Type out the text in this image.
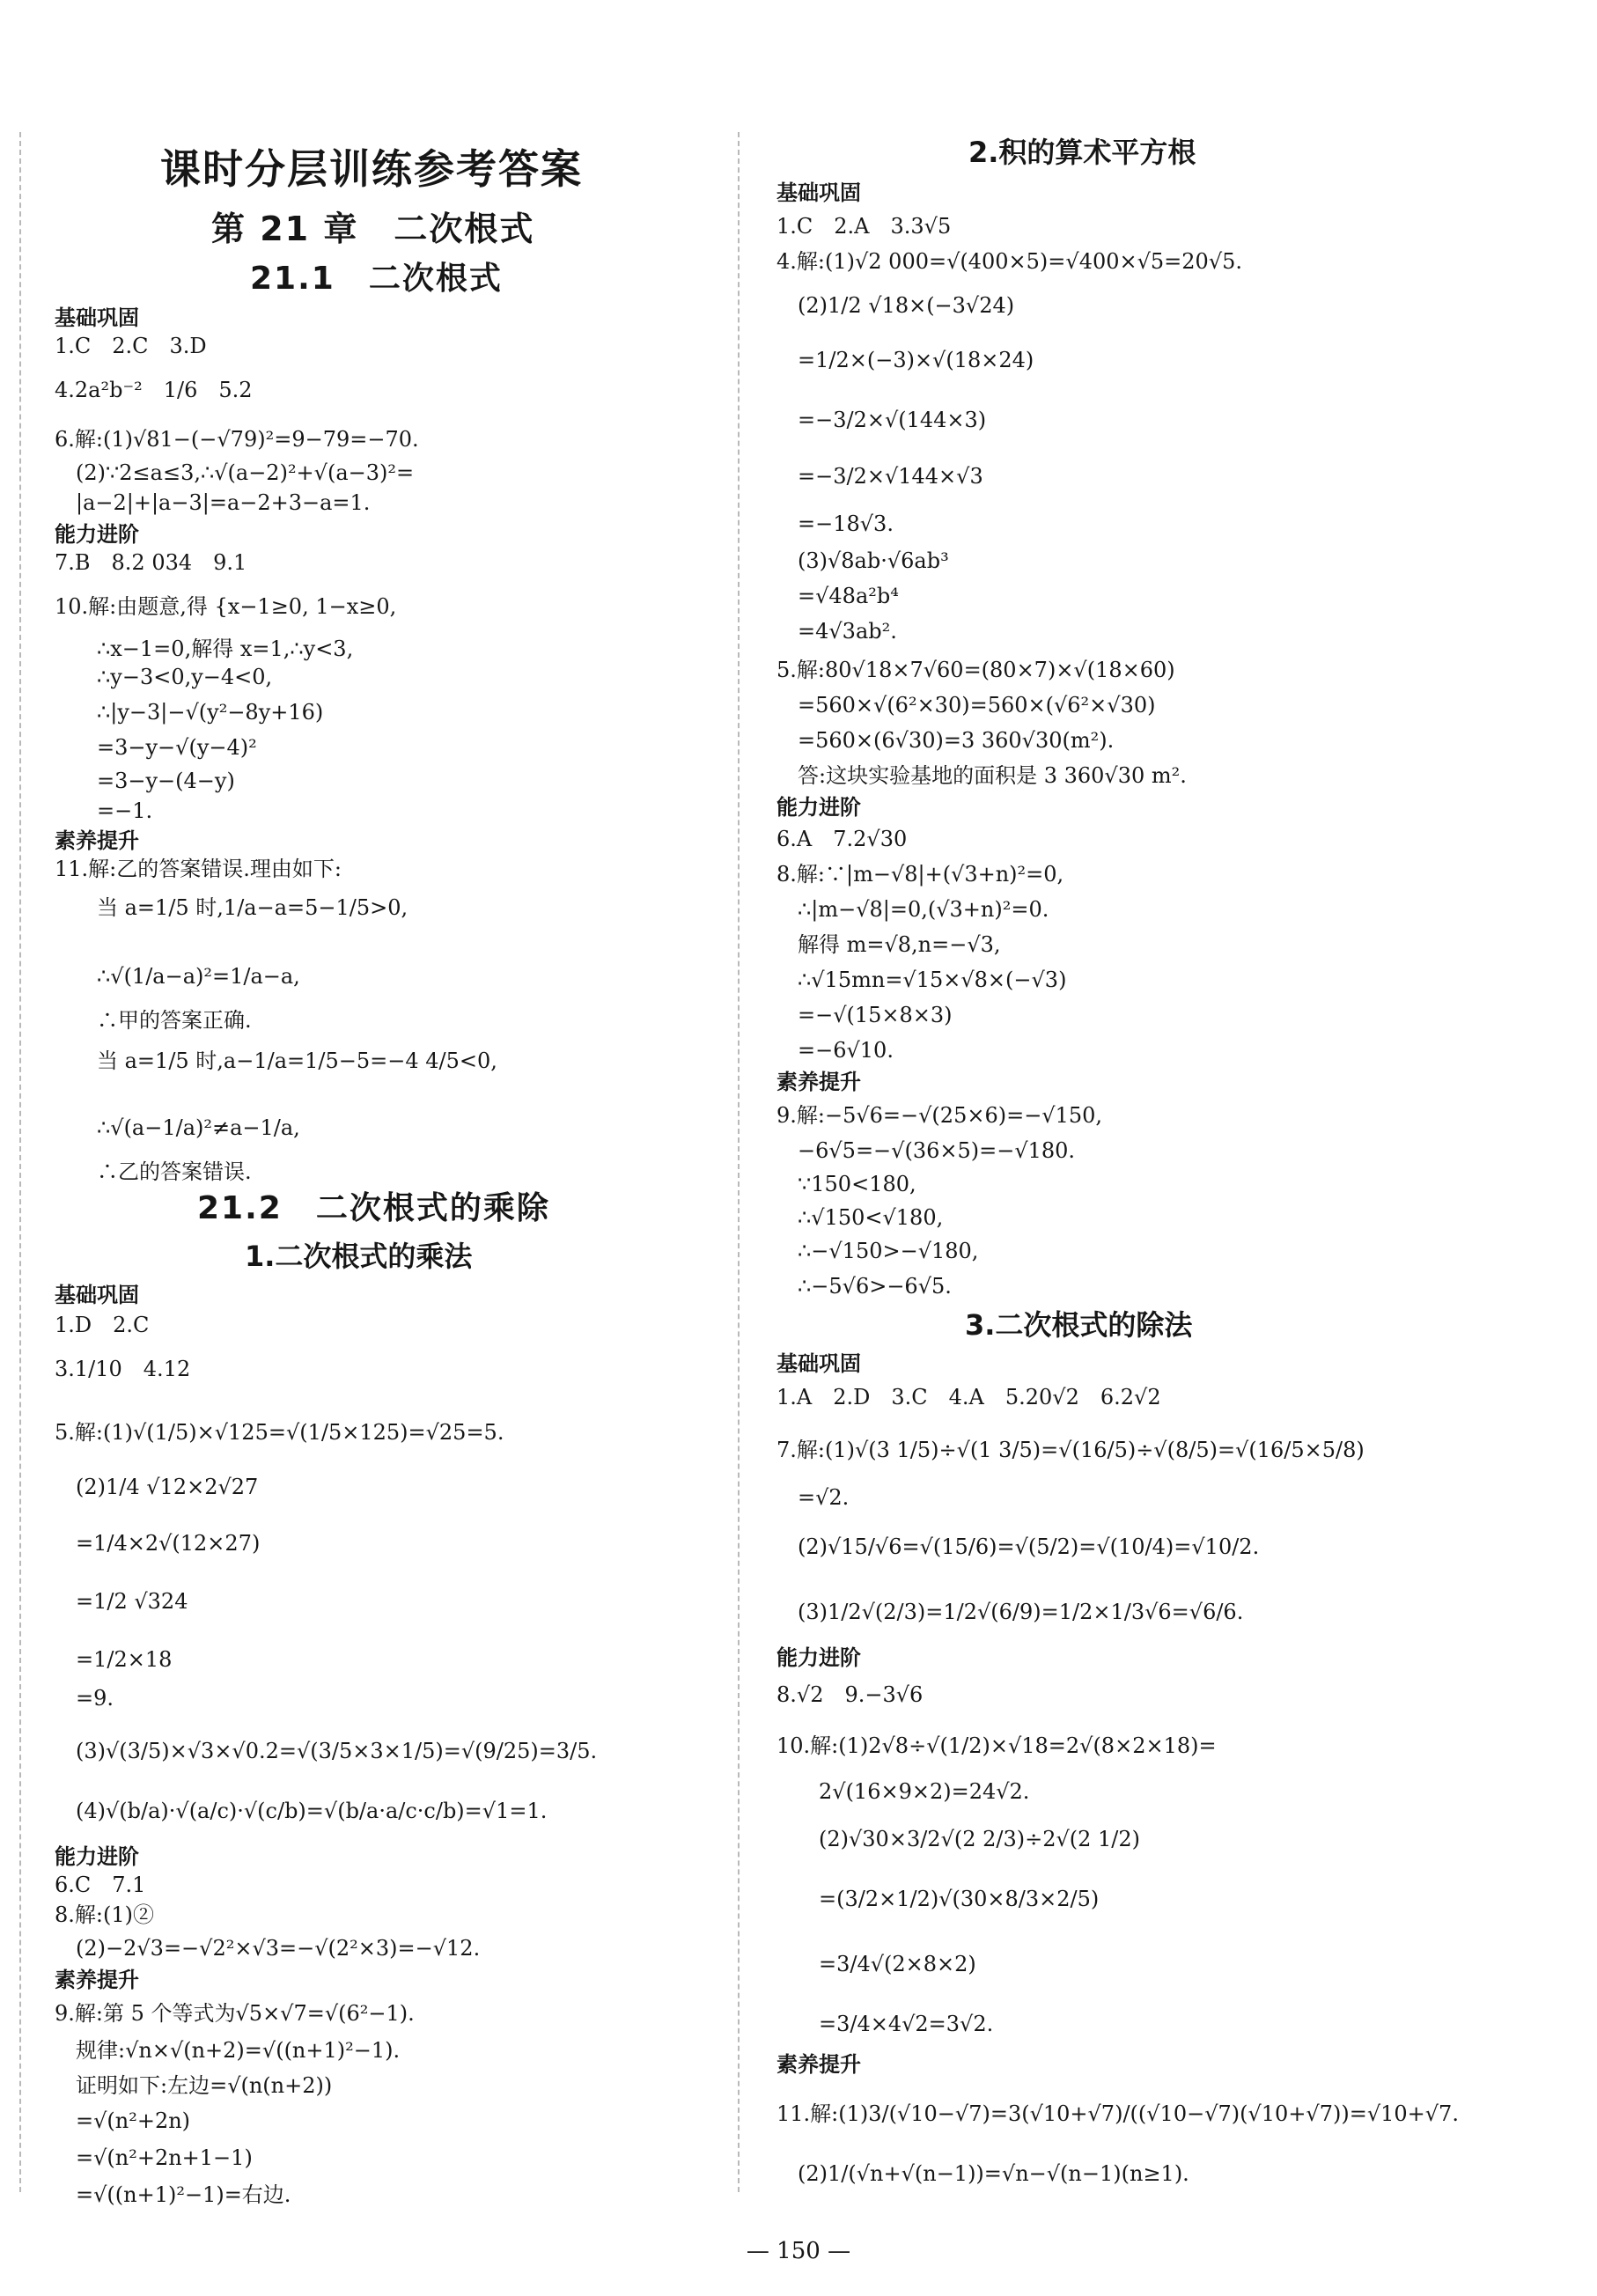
课时分层训练参考答案
第 21 章　二次根式
21.1　二次根式
基础巩固
1.C　2.C　3.D
4.2a²b⁻²　1/6　5.2
6.解:(1)√81−(−√79)²=9−79=−70.
(2)∵2≤a≤3,∴√(a−2)²+√(a−3)²=
|a−2|+|a−3|=a−2+3−a=1.
能力进阶
7.B　8.2 034　9.1
10.解:由题意,得 {x−1≥0, 1−x≥0,
∴x−1=0,解得 x=1,∴y<3,
∴y−3<0,y−4<0,
∴|y−3|−√(y²−8y+16)
=3−y−√(y−4)²
=3−y−(4−y)
=−1.
素养提升
11.解:乙的答案错误.理由如下:
当 a=1/5 时,1/a−a=5−1/5>0,
∴√(1/a−a)²=1/a−a,
∴甲的答案正确.
当 a=1/5 时,a−1/a=1/5−5=−4 4/5<0,
∴√(a−1/a)²≠a−1/a,
∴乙的答案错误.
21.2　二次根式的乘除
1.二次根式的乘法
基础巩固
1.D　2.C
3.1/10　4.12
5.解:(1)√(1/5)×√125=√(1/5×125)=√25=5.
(2)1/4 √12×2√27
=1/4×2√(12×27)
=1/2 √324
=1/2×18
=9.
(3)√(3/5)×√3×√0.2=√(3/5×3×1/5)=√(9/25)=3/5.
(4)√(b/a)·√(a/c)·√(c/b)=√(b/a·a/c·c/b)=√1=1.
能力进阶
6.C　7.1
8.解:(1)②
(2)−2√3=−√2²×√3=−√(2²×3)=−√12.
素养提升
9.解:第 5 个等式为√5×√7=√(6²−1).
规律:√n×√(n+2)=√((n+1)²−1).
证明如下:左边=√(n(n+2))
=√(n²+2n)
=√(n²+2n+1−1)
=√((n+1)²−1)=右边.
2.积的算术平方根
基础巩固
1.C　2.A　3.3√5
4.解:(1)√2 000=√(400×5)=√400×√5=20√5.
(2)1/2 √18×(−3√24)
=1/2×(−3)×√(18×24)
=−3/2×√(144×3)
=−3/2×√144×√3
=−18√3.
(3)√8ab·√6ab³
=√48a²b⁴
=4√3ab².
5.解:80√18×7√60=(80×7)×√(18×60)
=560×√(6²×30)=560×(√6²×√30)
=560×(6√30)=3 360√30(m²).
答:这块实验基地的面积是 3 360√30 m².
能力进阶
6.A　7.2√30
8.解:∵|m−√8|+(√3+n)²=0,
∴|m−√8|=0,(√3+n)²=0.
解得 m=√8,n=−√3,
∴√15mn=√15×√8×(−√3)
=−√(15×8×3)
=−6√10.
素养提升
9.解:−5√6=−√(25×6)=−√150,
−6√5=−√(36×5)=−√180.
∵150<180,
∴√150<√180,
∴−√150>−√180,
∴−5√6>−6√5.
3.二次根式的除法
基础巩固
1.A　2.D　3.C　4.A　5.20√2　6.2√2
7.解:(1)√(3 1/5)÷√(1 3/5)=√(16/5)÷√(8/5)=√(16/5×5/8)
=√2.
(2)√15/√6=√(15/6)=√(5/2)=√(10/4)=√10/2.
(3)1/2√(2/3)=1/2√(6/9)=1/2×1/3√6=√6/6.
能力进阶
8.√2　9.−3√6
10.解:(1)2√8÷√(1/2)×√18=2√(8×2×18)=
2√(16×9×2)=24√2.
(2)√30×3/2√(2 2/3)÷2√(2 1/2)
=(3/2×1/2)√(30×8/3×2/5)
=3/4√(2×8×2)
=3/4×4√2=3√2.
素养提升
11.解:(1)3/(√10−√7)=3(√10+√7)/((√10−√7)(√10+√7))=√10+√7.
(2)1/(√n+√(n−1))=√n−√(n−1)(n≥1).
— 150 —
